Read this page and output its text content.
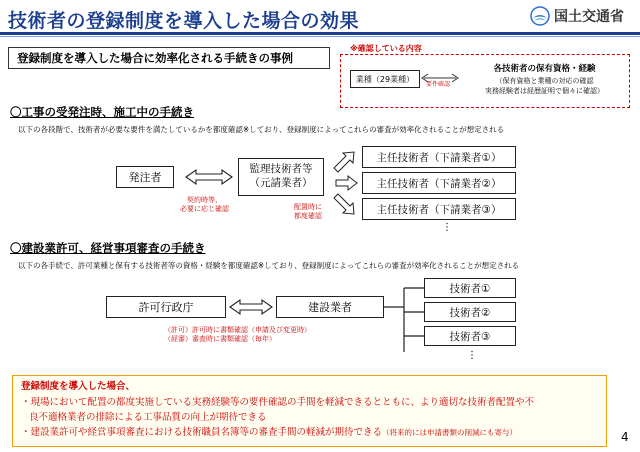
技術者の登録制度を導入した場合の効果	国土交通省
登録制度を導入した場合に効率化される手続きの事例
※確認している内容
業種（29業種）
要件確認
各技術者の保有資格・経験
（保有資格と業種の対応の確認
実務経験者は経歴証明で個々に確認）
〇工事の受発注時、施工中の手続き
以下の各段階で、技術者が必要な要件を満たしているかを都度確認※しており、登録制度によってこれらの審査が効率化されることが想定される
発注者
監理技術者等
（元請業者）
契約時等、
必要に応じ確認	配置時に
都度確認
主任技術者（下請業者①）
主任技術者（下請業者②）
主任技術者（下請業者③）
⋮
〇建設業許可、経営事項審査の手続き
以下の各手続で、許可業種と保有する技術者等の資格・経験を都度確認※しており、登録制度によってこれらの審査が効率化されることが想定される
許可行政庁	建設業者
（許可）許可時に書類確認（申請及び変更時）
（経審）審査時に書類確認（毎年）
技術者①
技術者②
技術者③
⋮
登録制度を導入した場合、
・現場において配置の都度実施している実務経験等の要件確認の手間を軽減できるとともに、より適切な技術者配置や不
良不適格業者の排除による工事品質の向上が期待できる
・建設業許可や経営事項審査における技術職員名簿等の審査手間の軽減が期待できる（将来的には申請書類の削減にも寄与）	4
